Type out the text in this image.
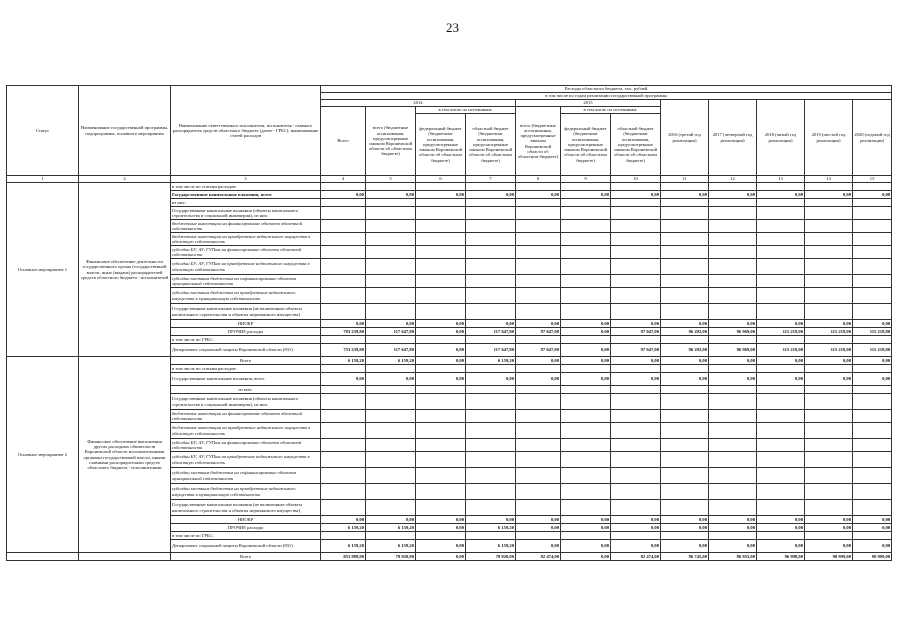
23
Статус	Наименование государственной программы, подпрограммы, основного мероприятия	Наименование ответственного исполнителя, исполнителя - главного распорядителя средств областного бюджета (далее - ГРБС), наименование статей расходов	Расходы областного бюджета, тыс. рублей											
			в том числе по годам реализации государственной программы											
			2014				2015			2016 (третий год реализации)	2017 (четвертый год реализации)	2018 (пятый год реализации)	2019 (шестой год реализации)	2020 (седьмой год реализации)
			Всего	всего (бюджетные ассигнования, предусмотренные законом Воронежской области об областном бюджете)	в том числе по источникам:		всего (бюджетные ассигнования, предусмотренные законом Воронежской области об областном бюджете)	в том числе по источникам:						
					федеральный бюджет (бюджетные ассигнования, предусмотренные законом Воронежской области об областном бюджете)	областной бюджет (бюджетные ассигнования, предусмотренные законом Воронежской области об областном бюджете)		федеральный бюджет (бюджетные ассигнования, предусмотренные законом Воронежской области об областном бюджете)	областной бюджет (бюджетные ассигнования, предусмотренные законом Воронежской области об областном бюджете)					
1	2	3	4	5	6	7	8	9	10	11	12	13	14	15
Основное мероприятие 1	Финансовое обеспечение деятельности государственного органа (государственной власти, иных (выдача) распорядителей средств областного бюджета - исполнителей	в том числе по статьям расходов:												
		Государственные капитальные вложения, всего	0,00	0,00	0,00	0,00	0,00	0,00	0,00	0,00	0,00	0,00	0,00	0,00
		из них:												
		Государственные капитальные вложения (объекты капитального строительства и социальной инженерии), из них:												
		бюджетные инвестиции на финансирование объектов областной собственности												
		бюджетные инвестиции на приобретение недвижимого имущества в областную собственность												
		субсидии БУ, АУ, ГУПам на финансирование объектов областной собственности												
		субсидии БУ, АУ, ГУПам на приобретение недвижимого имущества в областную собственность												
		субсидии местным бюджетам на софинансирование объектов муниципальной собственности												
		субсидии местным бюджетам на приобретение недвижимого имущества в муниципальную собственность												
		Государственные капитальные вложения (не включенные объекты капитального строительства и объекты недвижимого имущества)												
		НИОКР	0,00	0,00	0,00	0,00	0,00	0,00	0,00	0,00	0,00	0,00	0,00	0,00
		ПРОЧИЕ расходы	783 239,80	117 647,80	0,00	117 647,80	97 047,00	0,00	97 047,00	96 292,00	96 969,00	115 218,00	115 218,00	115 218,00
		в том числе по ГРБС:												
		Департамент социальной защиты Воронежской области (831)	753 239,80	117 647,80	0,00	117 647,80	97 047,00	0,00	97 047,00	96 292,00	96 969,00	115 218,00	115 218,00	115 218,00
Основное мероприятие 2	Финансовое обеспечение выполнения других расходных обязательств Воронежской области исполнительными органами государственной власти, иными главными распорядителями средств областного бюджета - исполнителями	Всего	6 159,20	6 159,20	0,00	6 159,20	0,00	0,00	0,00	0,00	0,00	0,00	0,00	0,00
		в том числе по статьям расходов:												
		Государственные капитальные вложения, всего	0,00	0,00	0,00	0,00	0,00	0,00	0,00	0,00	0,00	0,00	0,00	0,00
		из них:												
		Государственные капитальные вложения (объекты капитального строительства и социальной инженерии), из них:												
		бюджетные инвестиции на финансирование объектов областной собственности												
		бюджетные инвестиции на приобретение недвижимого имущества в областную собственность												
		субсидии БУ, АУ, ГУПам на финансирование объектов областной собственности												
		субсидии БУ, АУ, ГУПам на приобретение недвижимого имущества в областную собственность												
		субсидии местным бюджетам на софинансирование объектов муниципальной собственности												
		субсидии местным бюджетам на приобретение недвижимого имущества в муниципальную собственность												
		Государственные капитальные вложения (не включенные объекты капитального строительства и объекты недвижимого имущества)												
		НИОКР	0,00	0,00	0,00	0,00	0,00	0,00	0,00	0,00	0,00	0,00	0,00	0,00
		ПРОЧИЕ расходы	6 159,20	6 159,20	0,00	6 159,20	0,00	0,00	0,00	0,00	0,00	0,00	0,00	0,00
		в том числе по ГРБС:												
		Департамент социальной защиты Воронежской области (831)	6 159,20	6 159,20	0,00	6 159,20	0,00	0,00	0,00	0,00	0,00	0,00	0,00	0,00
		Всего	853 089,00	79 920,00	0,00	79 920,00	82 474,00	0,00	82 474,00	86 745,00	86 955,00	96 998,00	90 999,00	90 999,00
